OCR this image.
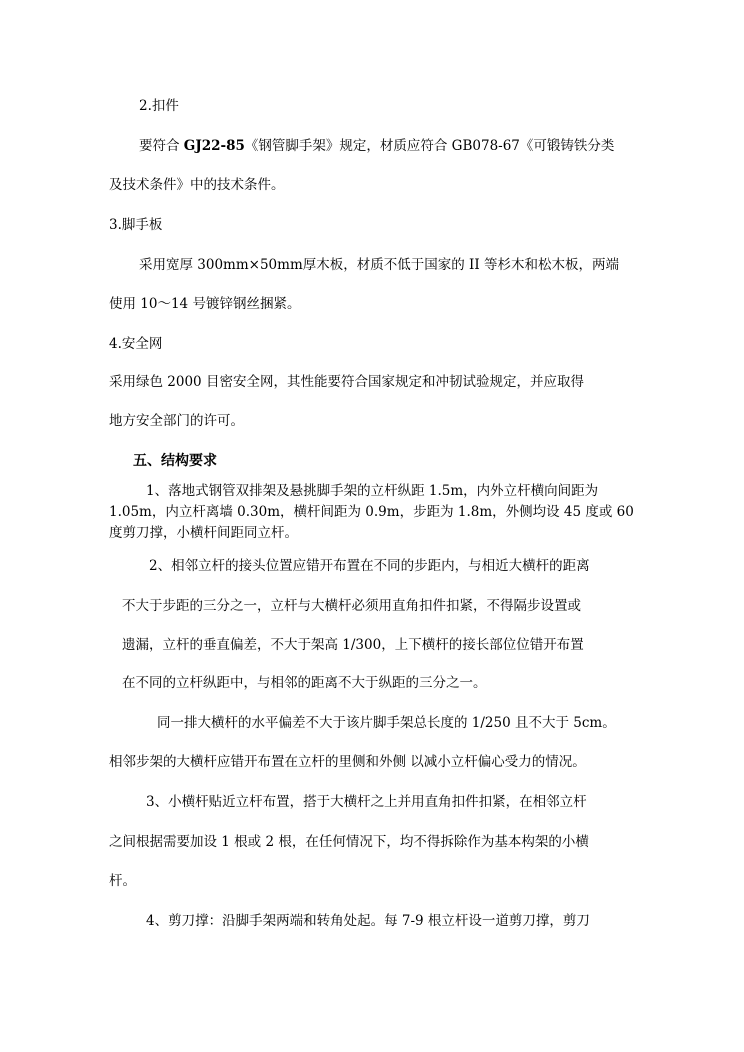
2.扣件
要符合 GJ22-85《钢管脚手架》规定，材质应符合 GB078-67《可锻铸铁分类
及技术条件》中的技术条件。
3.脚手板
采用宽厚 300mm×50mm厚木板，材质不低于国家的 II 等杉木和松木板，两端
使用 10～14 号镀锌钢丝捆紧。
4.安全网
采用绿色 2000 目密安全网，其性能要符合国家规定和冲韧试验规定，并应取得
地方安全部门的许可。
五、结构要求
1、落地式钢管双排架及悬挑脚手架的立杆纵距 1.5m，内外立杆横向间距为
1.05m，内立杆离墙 0.30m，横杆间距为 0.9m，步距为 1.8m，外侧均设 45 度或 60
度剪刀撑，小横杆间距同立杆。
2、相邻立杆的接头位置应错开布置在不同的步距内，与相近大横杆的距离
不大于步距的三分之一，立杆与大横杆必须用直角扣件扣紧，不得隔步设置或
遗漏，立杆的垂直偏差，不大于架高 1/300，上下横杆的接长部位位错开布置
在不同的立杆纵距中，与相邻的距离不大于纵距的三分之一。
同一排大横杆的水平偏差不大于该片脚手架总长度的 1/250 且不大于 5cm。
相邻步架的大横杆应错开布置在立杆的里侧和外侧 以减小立杆偏心受力的情况。
3、小横杆贴近立杆布置，搭于大横杆之上并用直角扣件扣紧，在相邻立杆
之间根据需要加设 1 根或 2 根，在任何情况下，均不得拆除作为基本构架的小横
杆。
4、剪刀撑：沿脚手架两端和转角处起。每 7-9 根立杆设一道剪刀撑，剪刀
